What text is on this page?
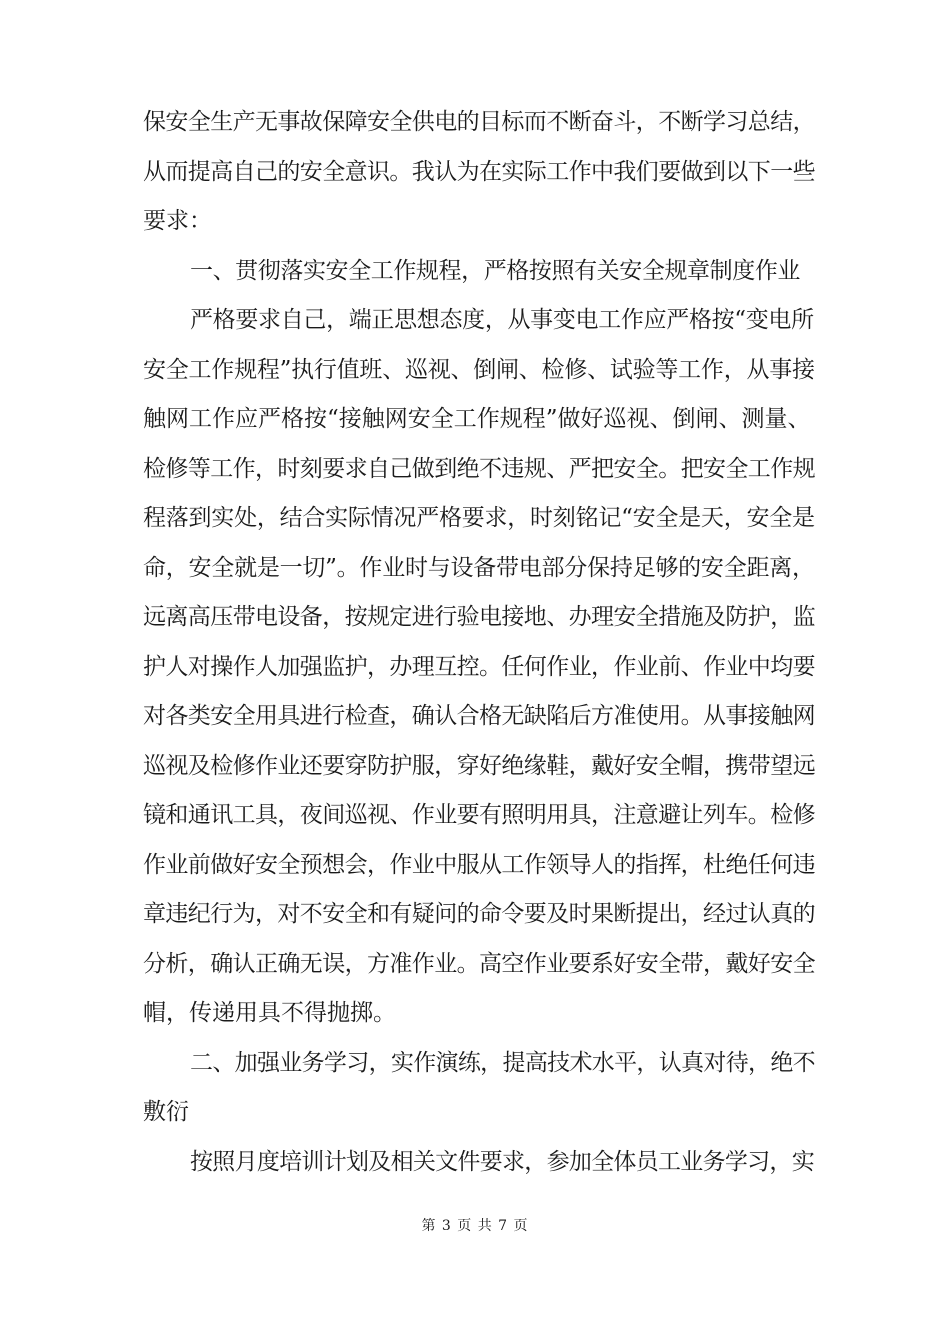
保安全生产无事故保障安全供电的目标而不断奋斗，不断学习总结，
从而提高自己的安全意识。我认为在实际工作中我们要做到以下一些
要求：
一、贯彻落实安全工作规程，严格按照有关安全规章制度作业
严格要求自己，端正思想态度，从事变电工作应严格按“变电所
安全工作规程”执行值班、巡视、倒闸、检修、试验等工作，从事接
触网工作应严格按“接触网安全工作规程”做好巡视、倒闸、测量、
检修等工作，时刻要求自己做到绝不违规、严把安全。把安全工作规
程落到实处，结合实际情况严格要求，时刻铭记“安全是天，安全是
命，安全就是一切”。作业时与设备带电部分保持足够的安全距离，
远离高压带电设备，按规定进行验电接地、办理安全措施及防护，监
护人对操作人加强监护，办理互控。任何作业，作业前、作业中均要
对各类安全用具进行检查，确认合格无缺陷后方准使用。从事接触网
巡视及检修作业还要穿防护服，穿好绝缘鞋，戴好安全帽，携带望远
镜和通讯工具，夜间巡视、作业要有照明用具，注意避让列车。检修
作业前做好安全预想会，作业中服从工作领导人的指挥，杜绝任何违
章违纪行为，对不安全和有疑问的命令要及时果断提出，经过认真的
分析，确认正确无误，方准作业。高空作业要系好安全带，戴好安全
帽，传递用具不得抛掷。
二、加强业务学习，实作演练，提高技术水平，认真对待，绝不
敷衍
按照月度培训计划及相关文件要求，参加全体员工业务学习，实
第 3 页 共 7 页
